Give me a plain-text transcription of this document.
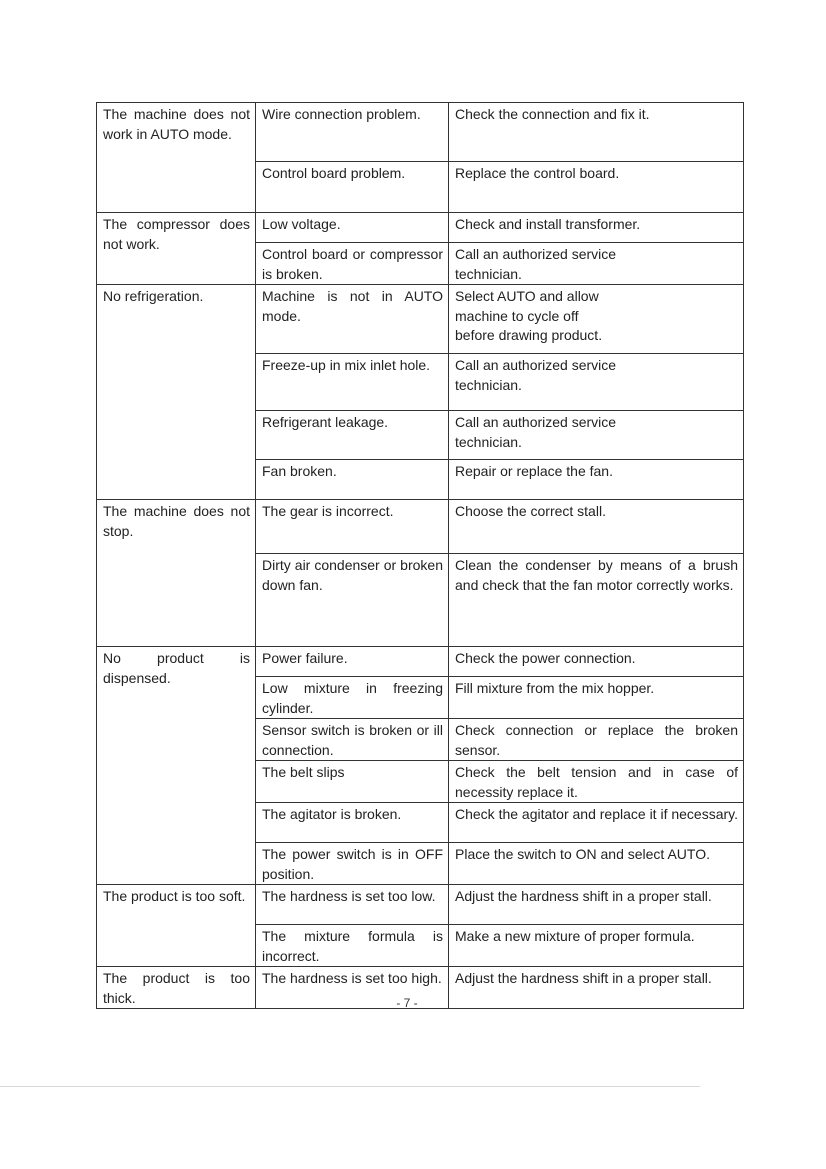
The machine does not work in AUTO mode.	Wire connection problem.	Check the connection and fix it.

	Control board problem.	Replace the control board.

The compressor does not work.	Low voltage.	Check and install transformer.

	Control board or compressor is broken.	Call an authorized service
technician.

No refrigeration.	Machine is not in AUTO mode.	Select AUTO and allow
machine to cycle off
before drawing product.

	Freeze-up in mix inlet hole.	Call an authorized service
technician.

	Refrigerant leakage.	Call an authorized service
technician.

	Fan broken.	Repair or replace the fan.

The machine does not stop.	The gear is incorrect.	Choose the correct stall.

	Dirty air condenser or broken down fan.	Clean the condenser by means of a brush and check that the fan motor correctly works.

No product is dispensed.	Power failure.	Check the power connection.

	Low mixture in freezing cylinder.	Fill mixture from the mix hopper.

	Sensor switch is broken or ill connection.	Check connection or replace the broken sensor.

	The belt slips	Check the belt tension and in case of necessity replace it.

	The agitator is broken.	Check the agitator and replace it if necessary.

	The power switch is in OFF position.	Place the switch to ON and select AUTO.

The product is too soft.	The hardness is set too low.	Adjust the hardness shift in a proper stall.

	The mixture formula is incorrect.	Make a new mixture of proper formula.

The product is too thick.	The hardness is set too high.	Adjust the hardness shift in a proper stall.
- 7 -
